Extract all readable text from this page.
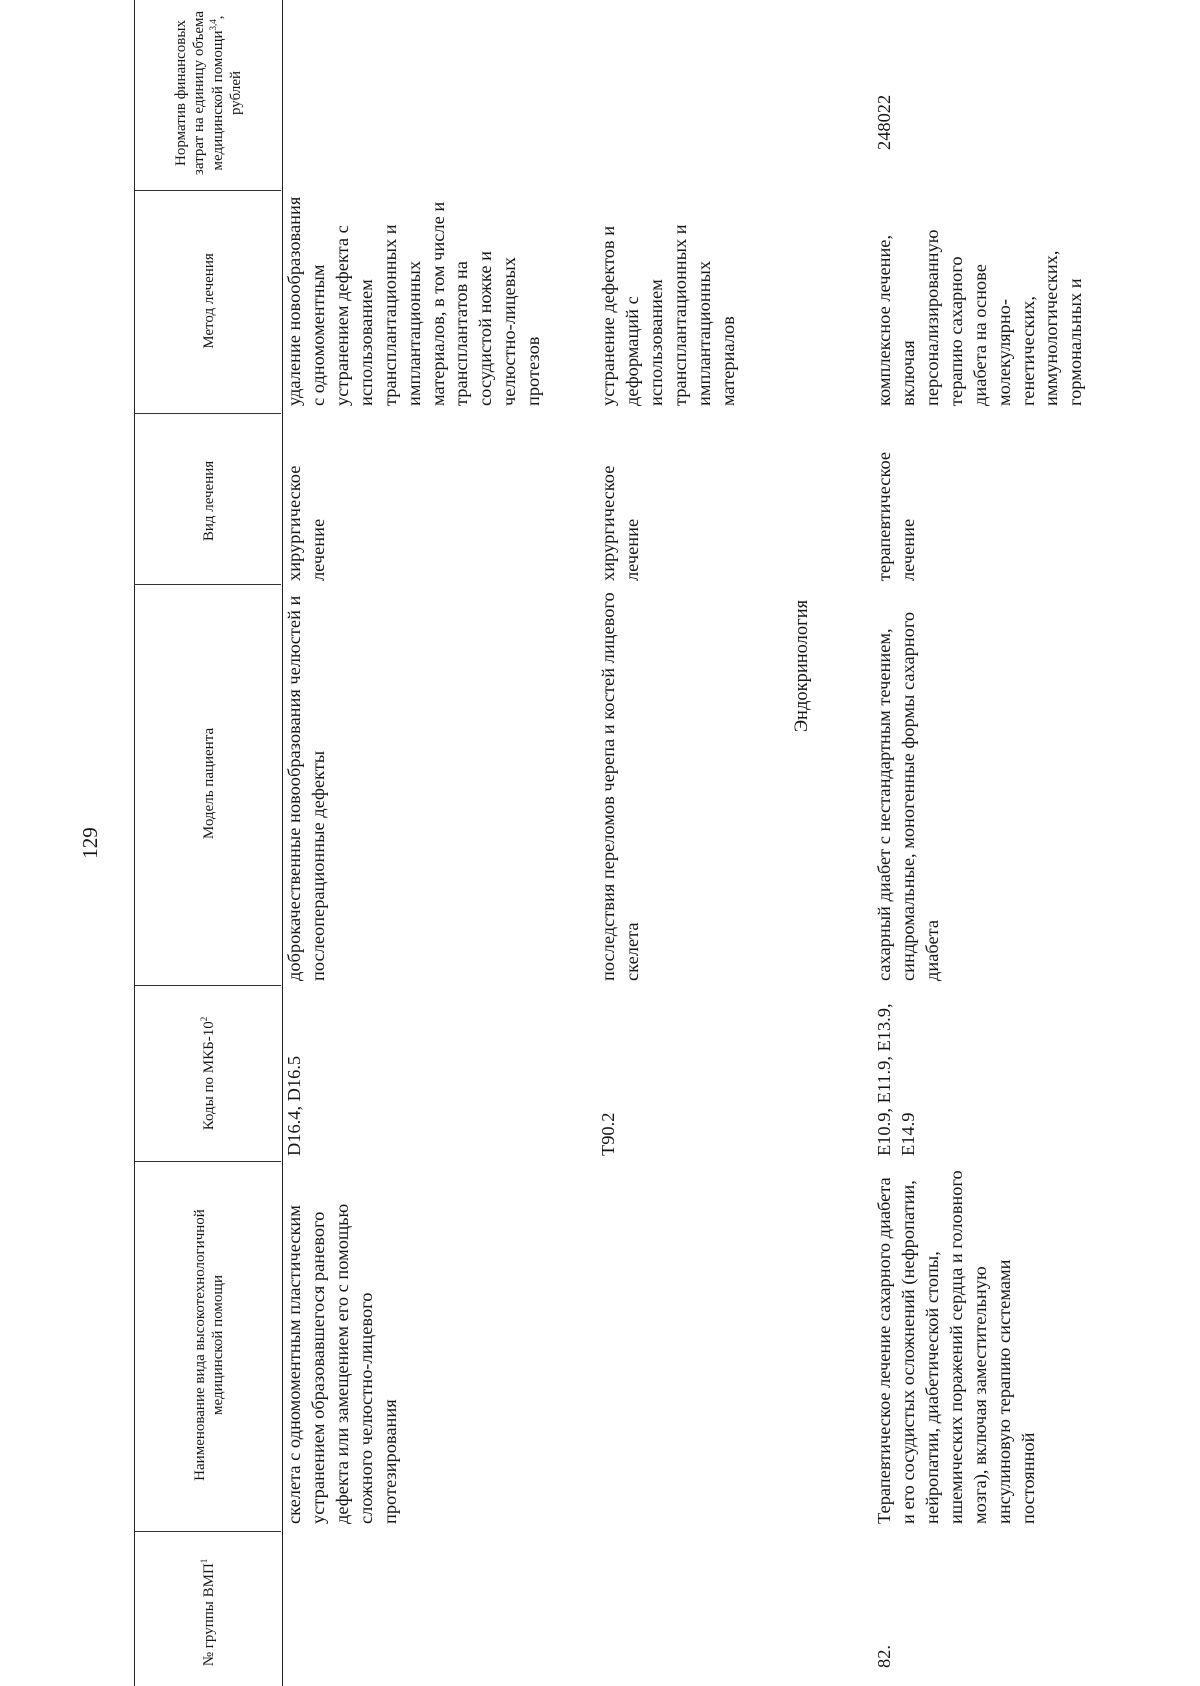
129
№ группы ВМП$^1$
Наименование вида высокотехнологичной медицинской помощи
Коды по МКБ-$10^2$
Модель пациента
Вид лечения
Метод лечения
Норматив финансовых затрат на единицу объема медицинской помощи$^{3,4}$, рублей
скелета с одномоментным пластическим устранением образовавшегося раневого дефекта или замещением его с помощью сложного челюстно-лицевого протезирования
D16.4, D16.5
доброкачественные новообразования челюстей и послеоперационные дефекты
хирургическое лечение
удаление новообразования с одномоментным устранением дефекта с использованием трансплантационных и имплантационных материалов, в том числе и трансплантатов на сосудистой ножке и челюстно-лицевых протезов
T90.2
последствия переломов черепа и костей лицевого скелета
хирургическое лечение
устранение дефектов и деформаций с использованием трансплантационных и имплантационных материалов
Эндокринология
82.
Терапевтическое лечение сахарного диабета и его сосудистых осложнений (нефропатии, нейропатии, диабетической стопы, ишемических поражений сердца и головного мозга), включая заместительную инсулиновую терапию системами постоянной
E10.9, E11.9, E13.9, E14.9
сахарный диабет с нестандартным течением, синдромальные, моногенные формы сахарного диабета
терапевтическое лечение
комплексное лечение, включая персонализированную терапию сахарного диабета на основе молекулярно-генетических, иммунологических, гормональных и
248022
